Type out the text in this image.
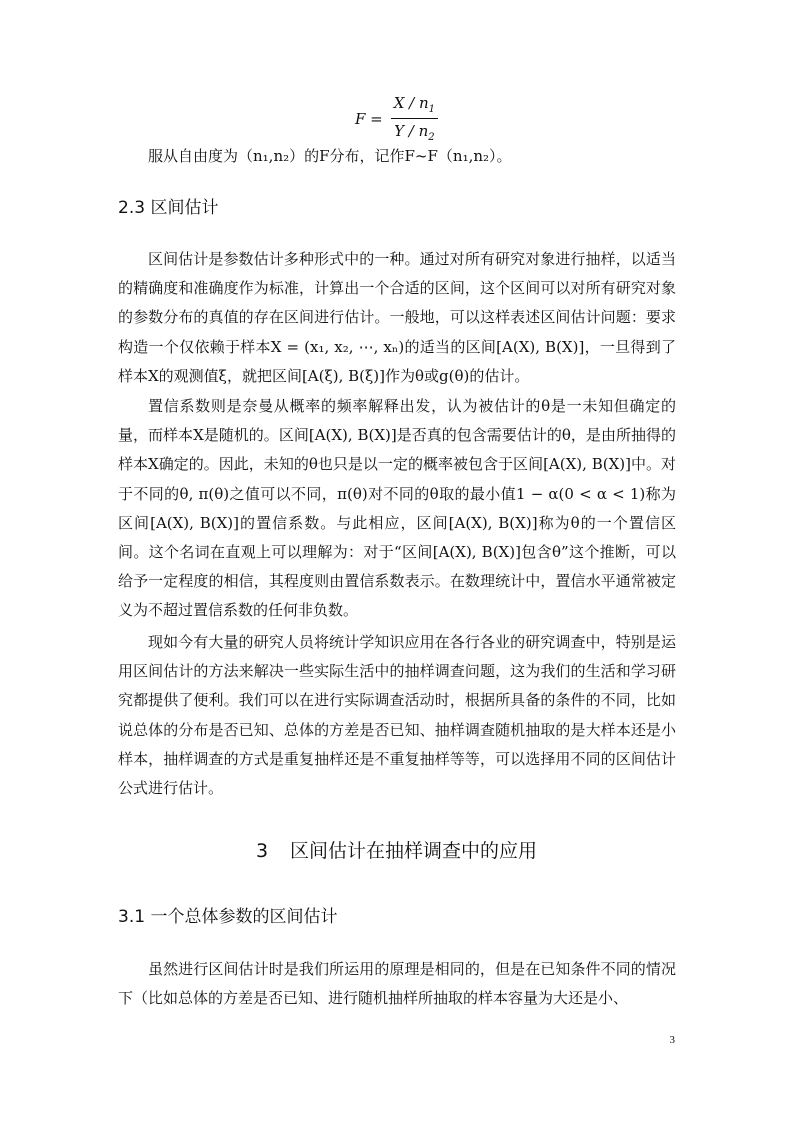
$F = \frac{X / n_1}{Y / n_2}$
服从自由度为（n₁,n₂）的F分布，记作F~F（n₁,n₂）。
2.3 区间估计

区间估计是参数估计多种形式中的一种。通过对所有研究对象进行抽样，以适当的精确度和准确度作为标准，计算出一个合适的区间，这个区间可以对所有研究对象的参数分布的真值的存在区间进行估计。一般地，可以这样表述区间估计问题：要求构造一个仅依赖于样本X = (x₁, x₂, ⋯, xₙ)的适当的区间[A(X), B(X)]，一旦得到了样本X的观测值ξ，就把区间[A(ξ), B(ξ)]作为θ或g(θ)的估计。

置信系数则是奈曼从概率的频率解释出发，认为被估计的θ是一未知但确定的量，而样本X是随机的。区间[A(X), B(X)]是否真的包含需要估计的θ，是由所抽得的样本X确定的。因此，未知的θ也只是以一定的概率被包含于区间[A(X), B(X)]中。对于不同的θ, π(θ)之值可以不同，π(θ)对不同的θ取的最小值1 − α(0 < α < 1)称为区间[A(X), B(X)]的置信系数。与此相应，区间[A(X), B(X)]称为θ的一个置信区间。这个名词在直观上可以理解为：对于“区间[A(X), B(X)]包含θ”这个推断，可以给予一定程度的相信，其程度则由置信系数表示。在数理统计中，置信水平通常被定义为不超过置信系数的任何非负数。

现如今有大量的研究人员将统计学知识应用在各行各业的研究调查中，特别是运用区间估计的方法来解决一些实际生活中的抽样调查问题，这为我们的生活和学习研究都提供了便利。我们可以在进行实际调查活动时，根据所具备的条件的不同，比如说总体的分布是否已知、总体的方差是否已知、抽样调查随机抽取的是大样本还是小样本，抽样调查的方式是重复抽样还是不重复抽样等等，可以选择用不同的区间估计公式进行估计。

3 区间估计在抽样调查中的应用
3.1 一个总体参数的区间估计

虽然进行区间估计时是我们所运用的原理是相同的，但是在已知条件不同的情况下（比如总体的方差是否已知、进行随机抽样所抽取的样本容量为大还是小、

3
